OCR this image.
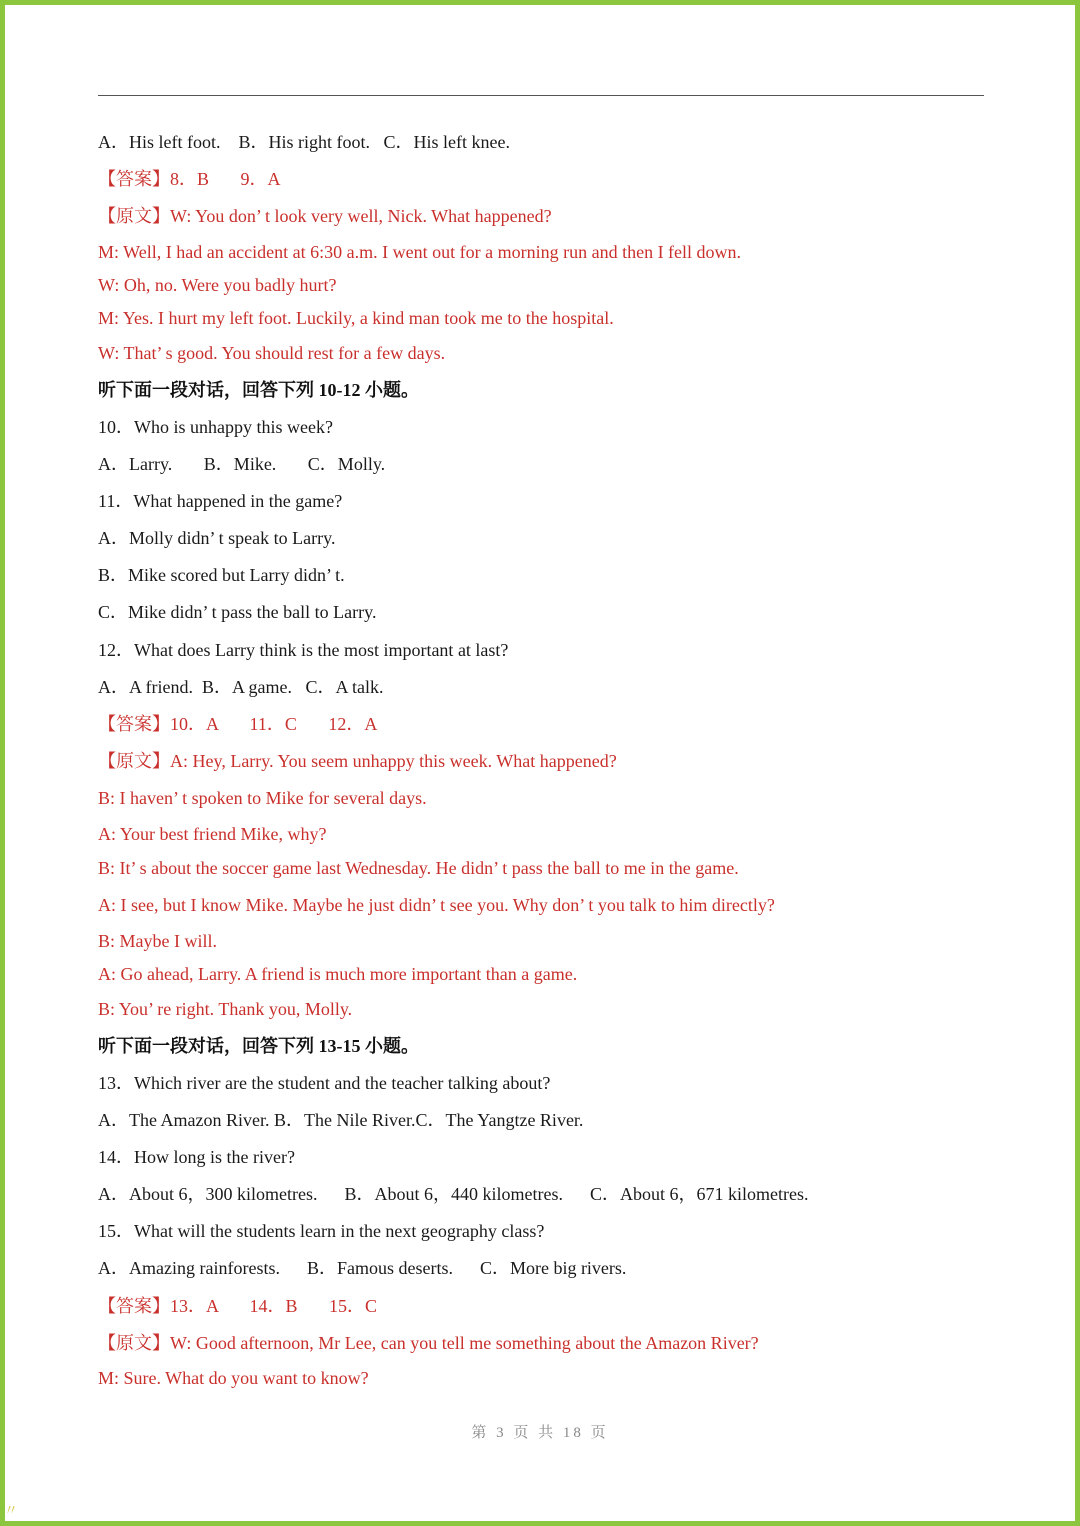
A．His left foot.    B．His right foot.   C．His left knee.
【答案】8．B       9．A
【原文】W: You don’ t look very well, Nick. What happened?
M: Well, I had an accident at 6:30 a.m. I went out for a morning run and then I fell down.
W: Oh, no. Were you badly hurt?
M: Yes. I hurt my left foot. Luckily, a kind man took me to the hospital.
W: That’ s good. You should rest for a few days.
听下面一段对话，回答下列 10-12 小题。
10．Who is unhappy this week?
A．Larry.       B．Mike.       C．Molly.
11．What happened in the game?
A．Molly didn’ t speak to Larry.
B．Mike scored but Larry didn’ t.
C．Mike didn’ t pass the ball to Larry.
12．What does Larry think is the most important at last?
A．A friend.  B．A game.   C．A talk.
【答案】10．A       11．C       12．A
【原文】A: Hey, Larry. You seem unhappy this week. What happened?
B: I haven’ t spoken to Mike for several days.
A: Your best friend Mike, why?
B: It’ s about the soccer game last Wednesday. He didn’ t pass the ball to me in the game.
A: I see, but I know Mike. Maybe he just didn’ t see you. Why don’ t you talk to him directly?
B: Maybe I will.
A: Go ahead, Larry. A friend is much more important than a game.
B: You’ re right. Thank you, Molly.
听下面一段对话，回答下列 13-15 小题。
13．Which river are the student and the teacher talking about?
A．The Amazon River. B．The Nile River.C．The Yangtze River.
14．How long is the river?
A．About 6，300 kilometres.      B．About 6，440 kilometres.      C．About 6，671 kilometres.
15．What will the students learn in the next geography class?
A．Amazing rainforests.      B．Famous deserts.      C．More big rivers.
【答案】13．A       14．B       15．C
【原文】W: Good afternoon, Mr Lee, can you tell me something about the Amazon River?
M: Sure. What do you want to know?
第 3 页 共 18 页
〃
